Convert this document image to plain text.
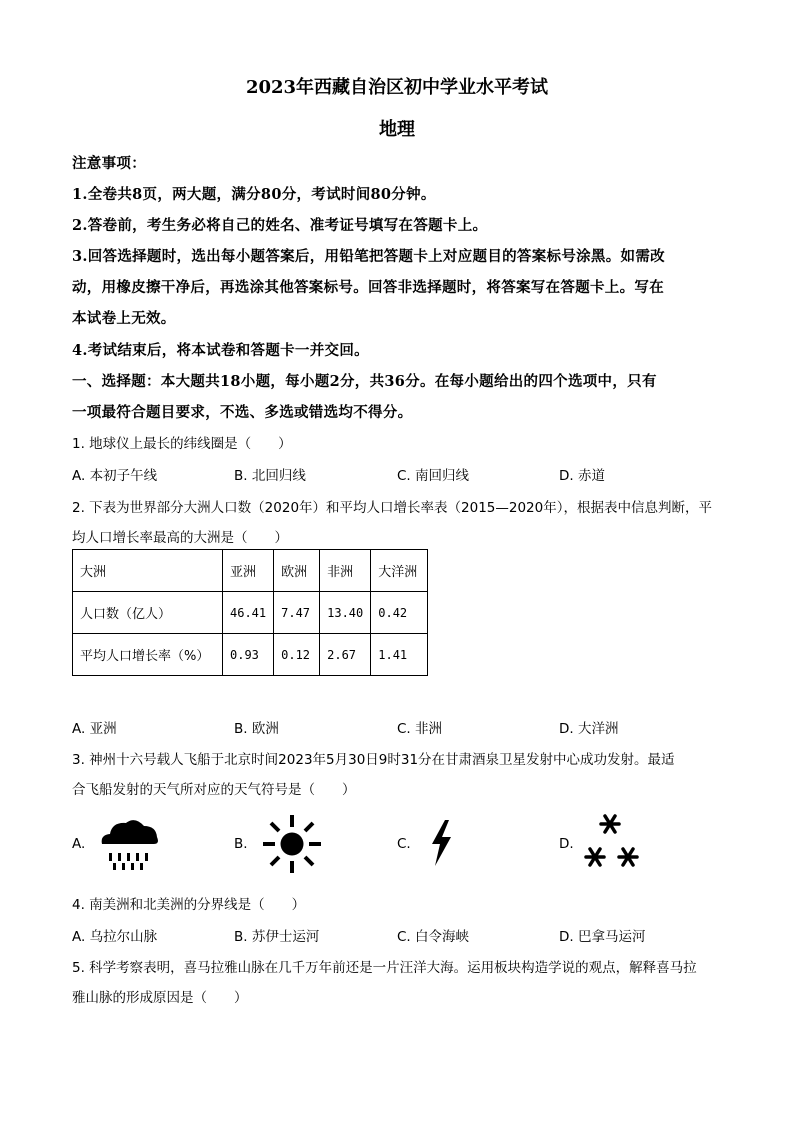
2023年西藏自治区初中学业水平考试
地理
注意事项：
1.全卷共8页，两大题，满分80分，考试时间80分钟。
2.答卷前，考生务必将自己的姓名、准考证号填写在答题卡上。
3.回答选择题时，选出每小题答案后，用铅笔把答题卡上对应题目的答案标号涂黑。如需改
动，用橡皮擦干净后，再选涂其他答案标号。回答非选择题时，将答案写在答题卡上。写在
本试卷上无效。
4.考试结束后，将本试卷和答题卡一并交回。
一、选择题：本大题共18小题，每小题2分，共36分。在每小题给出的四个选项中，只有
一项最符合题目要求，不选、多选或错选均不得分。
1. 地球仪上最长的纬线圈是（　　）
A. 本初子午线	B. 北回归线	C. 南回归线	D. 赤道
2. 下表为世界部分大洲人口数（2020年）和平均人口增长率表（2015—2020年），根据表中信息判断，平
均人口增长率最高的大洲是（　　）
大洲	亚洲	欧洲	非洲	大洋洲
人口数（亿人）	46.41	7.47	13.40	0.42
平均人口增长率（%）	0.93	0.12	2.67	1.41
A. 亚洲	B. 欧洲	C. 非洲	D. 大洋洲
3. 神州十六号载人飞船于北京时间2023年5月30日9时31分在甘肃酒泉卫星发射中心成功发射。最适
合飞船发射的天气所对应的天气符号是（　　）
A.	B.	C.	D.
4. 南美洲和北美洲的分界线是（　　）
A. 乌拉尔山脉	B. 苏伊士运河	C. 白令海峡	D. 巴拿马运河
5. 科学考察表明，喜马拉雅山脉在几千万年前还是一片汪洋大海。运用板块构造学说的观点，解释喜马拉
雅山脉的形成原因是（　　）
